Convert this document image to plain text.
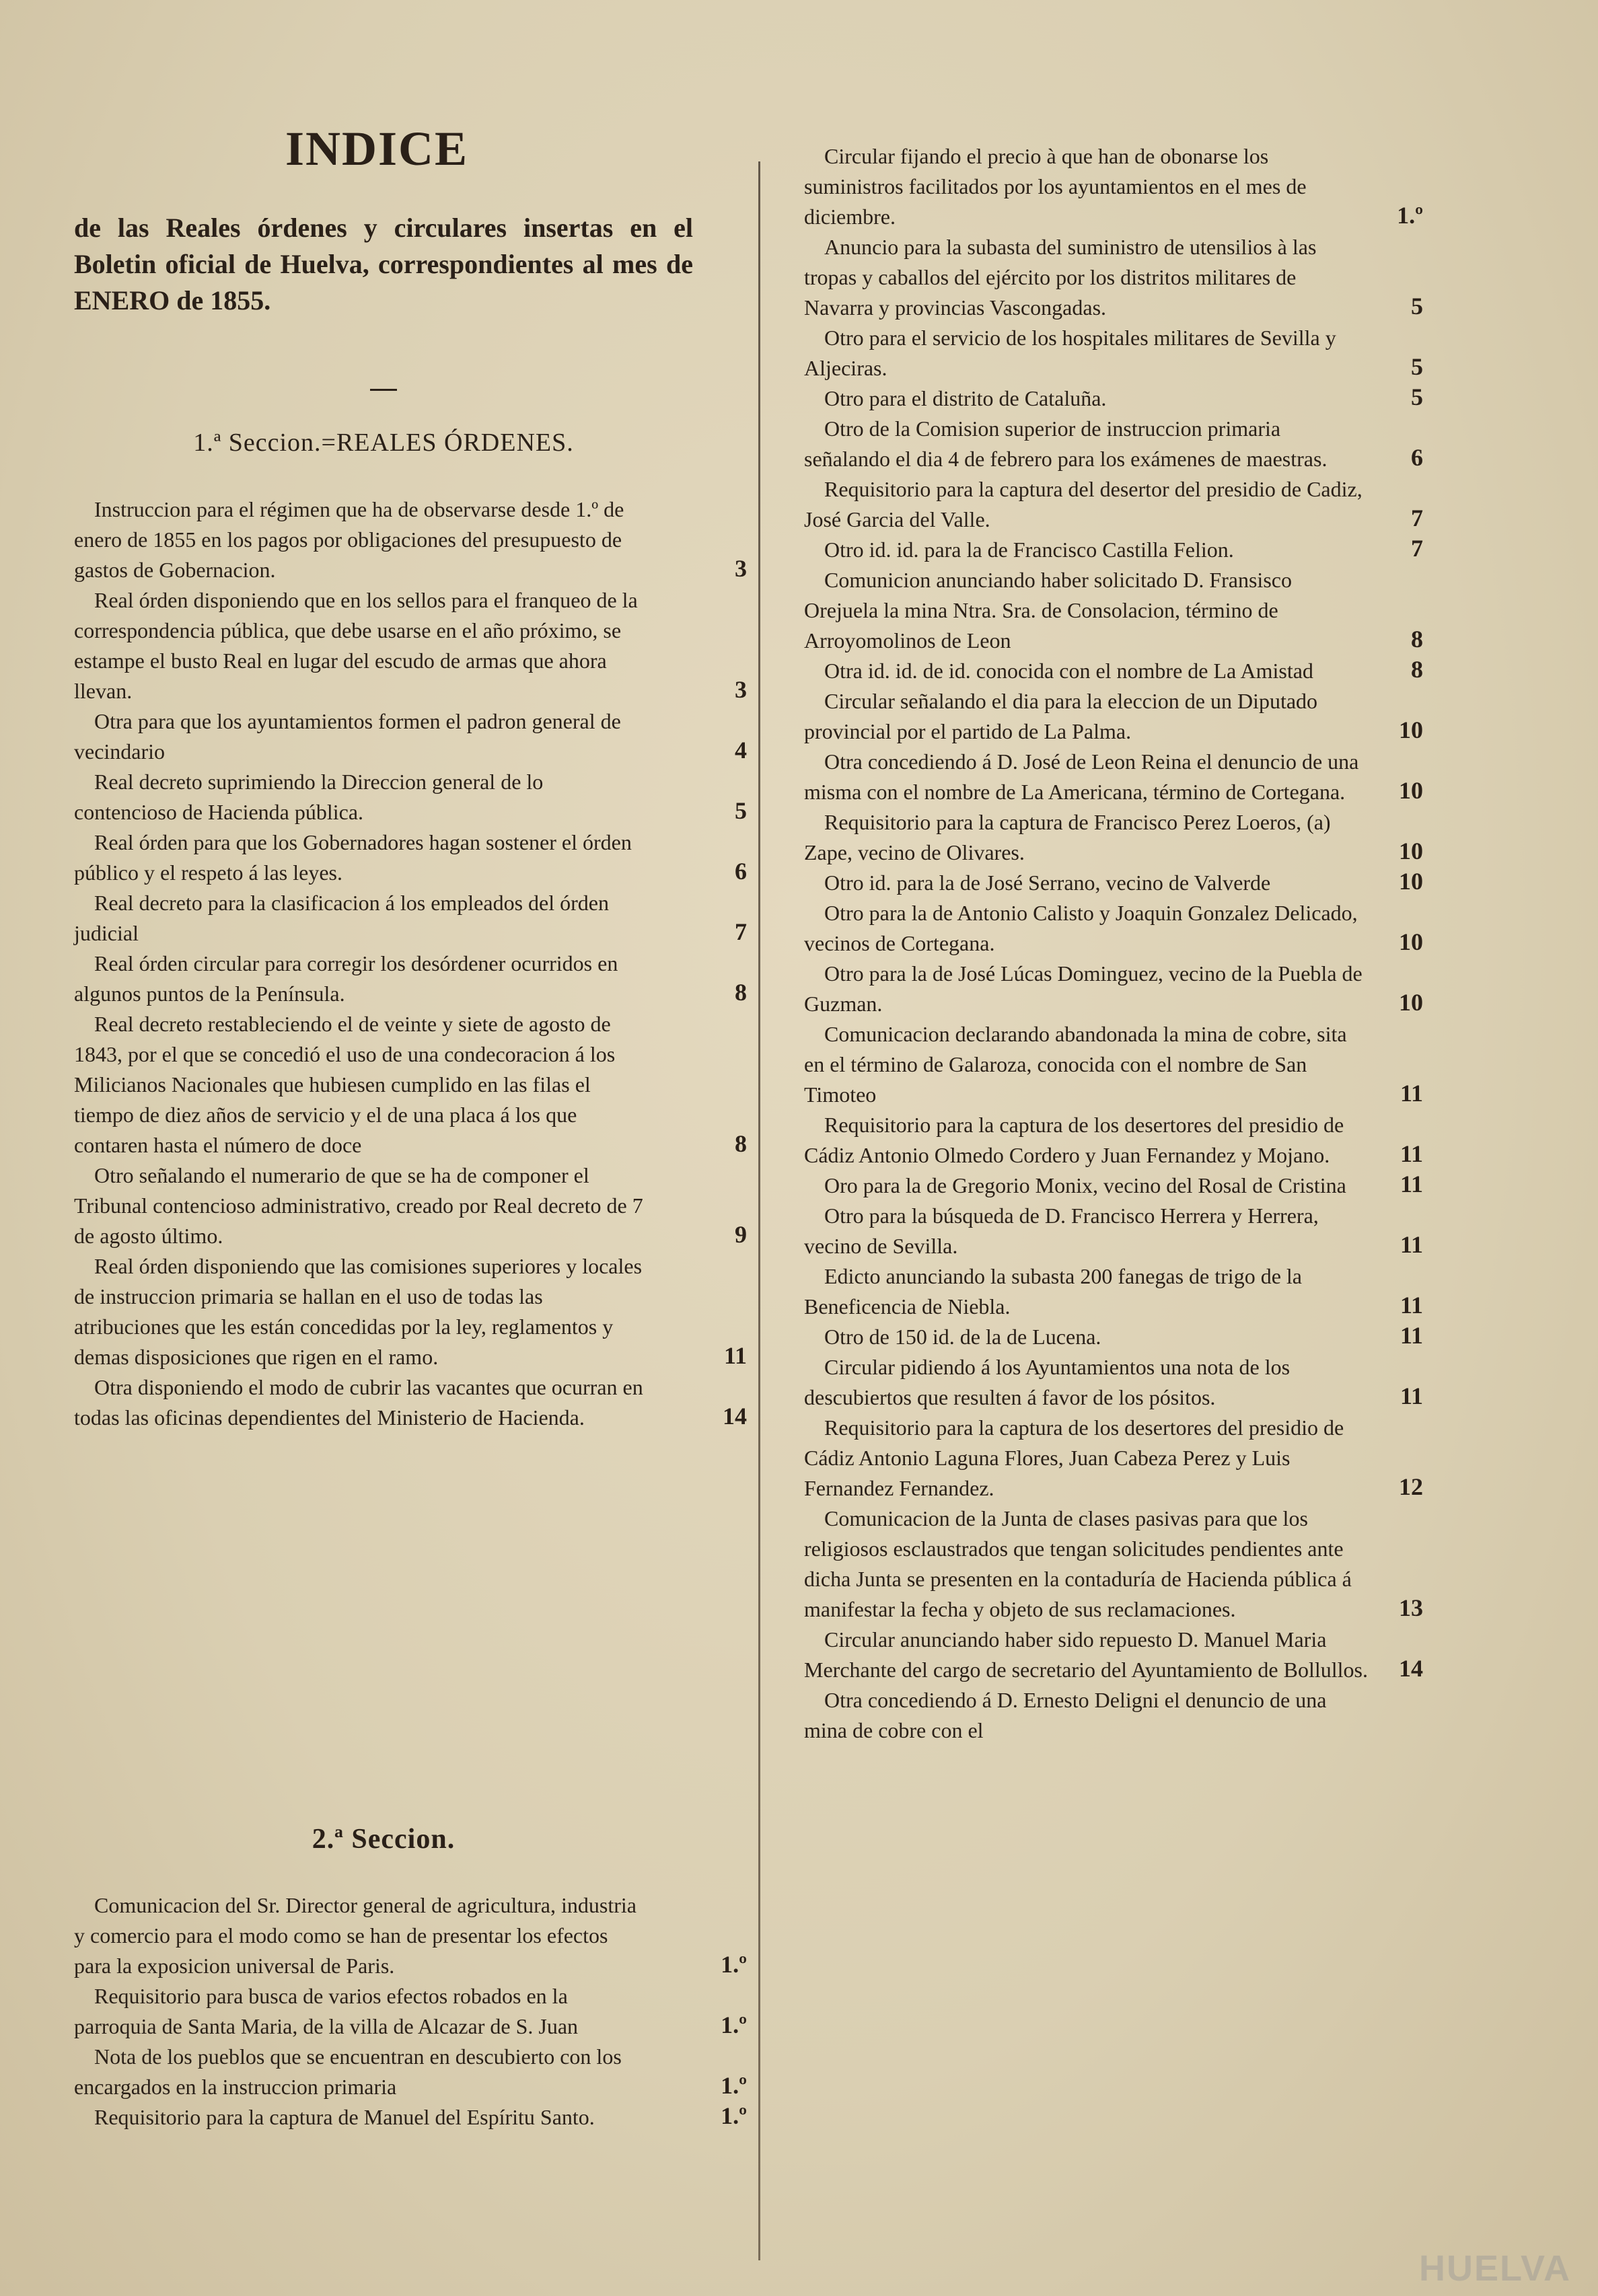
INDICE
de las Reales órdenes y circulares insertas en el Boletin oficial de Huelva, correspondientes al mes de ENERO de 1855.
1.ª Seccion.=REALES ÓRDENES.
Instruccion para el régimen que ha de observarse desde 1.º de enero de 1855 en los pagos por obligaciones del presupuesto de gastos de Gobernacion.	3
Real órden disponiendo que en los sellos para el franqueo de la correspondencia pública, que debe usarse en el año próximo, se estampe el busto Real en lugar del escudo de armas que ahora llevan.	3
Otra para que los ayuntamientos formen el padron general de vecindario	4
Real decreto suprimiendo la Direccion general de lo contencioso de Hacienda pública.	5
Real órden para que los Gobernadores hagan sostener el órden público y el respeto á las leyes.	6
Real decreto para la clasificacion á los empleados del órden judicial	7
Real órden circular para corregir los desórdener ocurridos en algunos puntos de la Península.	8
Real decreto restableciendo el de veinte y siete de agosto de 1843, por el que se concedió el uso de una condecoracion á los Milicianos Nacionales que hubiesen cumplido en las filas el tiempo de diez años de servicio y el de una placa á los que contaren hasta el número de doce	8
Otro señalando el numerario de que se ha de componer el Tribunal contencioso administrativo, creado por Real decreto de 7 de agosto último.	9
Real órden disponiendo que las comisiones superiores y locales de instruccion primaria se hallan en el uso de todas las atribuciones que les están concedidas por la ley, reglamentos y demas disposiciones que rigen en el ramo.	11
Otra disponiendo el modo de cubrir las vacantes que ocurran en todas las oficinas dependientes del Ministerio de Hacienda.	14
2.ª Seccion.
Comunicacion del Sr. Director general de agricultura, industria y comercio para el modo como se han de presentar los efectos para la exposicion universal de Paris.	1.º
Requisitorio para busca de varios efectos robados en la parroquia de Santa Maria, de la villa de Alcazar de S. Juan	1.º
Nota de los pueblos que se encuentran en descubierto con los encargados en la instruccion primaria	1.º
Requisitorio para la captura de Manuel del Espíritu Santo.	1.º
Circular fijando el precio à que han de obonarse los suministros facilitados por los ayuntamientos en el mes de diciembre.	1.º
Anuncio para la subasta del suministro de utensilios à las tropas y caballos del ejército por los distritos militares de Navarra y provincias Vascongadas.	5
Otro para el servicio de los hospitales militares de Sevilla y Aljeciras.	5
Otro para el distrito de Cataluña.	5
Otro de la Comision superior de instruccion primaria señalando el dia 4 de febrero para los exámenes de maestras.	6
Requisitorio para la captura del desertor del presidio de Cadiz, José Garcia del Valle.	7
Otro id. id. para la de Francisco Castilla Felion.	7
Comunicion anunciando haber solicitado D. Fransisco Orejuela la mina Ntra. Sra. de Consolacion, término de Arroyomolinos de Leon	8
Otra id. id. de id. conocida con el nombre de La Amistad	8
Circular señalando el dia para la eleccion de un Diputado provincial por el partido de La Palma.	10
Otra concediendo á D. José de Leon Reina el denuncio de una misma con el nombre de La Americana, término de Cortegana.	10
Requisitorio para la captura de Francisco Perez Loeros, (a) Zape, vecino de Olivares.	10
Otro id. para la de José Serrano, vecino de Valverde	10
Otro para la de Antonio Calisto y Joaquin Gonzalez Delicado, vecinos de Cortegana.	10
Otro para la de José Lúcas Dominguez, vecino de la Puebla de Guzman.	10
Comunicacion declarando abandonada la mina de cobre, sita en el término de Galaroza, conocida con el nombre de San Timoteo	11
Requisitorio para la captura de los desertores del presidio de Cádiz Antonio Olmedo Cordero y Juan Fernandez y Mojano.	11
Oro para la de Gregorio Monix, vecino del Rosal de Cristina	11
Otro para la búsqueda de D. Francisco Herrera y Herrera, vecino de Sevilla.	11
Edicto anunciando la subasta 200 fanegas de trigo de la Beneficencia de Niebla.	11
Otro de 150 id. de la de Lucena.	11
Circular pidiendo á los Ayuntamientos una nota de los descubiertos que resulten á favor de los pósitos.	11
Requisitorio para la captura de los desertores del presidio de Cádiz Antonio Laguna Flores, Juan Cabeza Perez y Luis Fernandez Fernandez.	12
Comunicacion de la Junta de clases pasivas para que los religiosos esclaustrados que tengan solicitudes pendientes ante dicha Junta se presenten en la contaduría de Hacienda pública á manifestar la fecha y objeto de sus reclamaciones.	13
Circular anunciando haber sido repuesto D. Manuel Maria Merchante del cargo de secretario del Ayuntamiento de Bollullos.	14
Otra concediendo á D. Ernesto Deligni el denuncio de una mina de cobre con el
HUELVA
